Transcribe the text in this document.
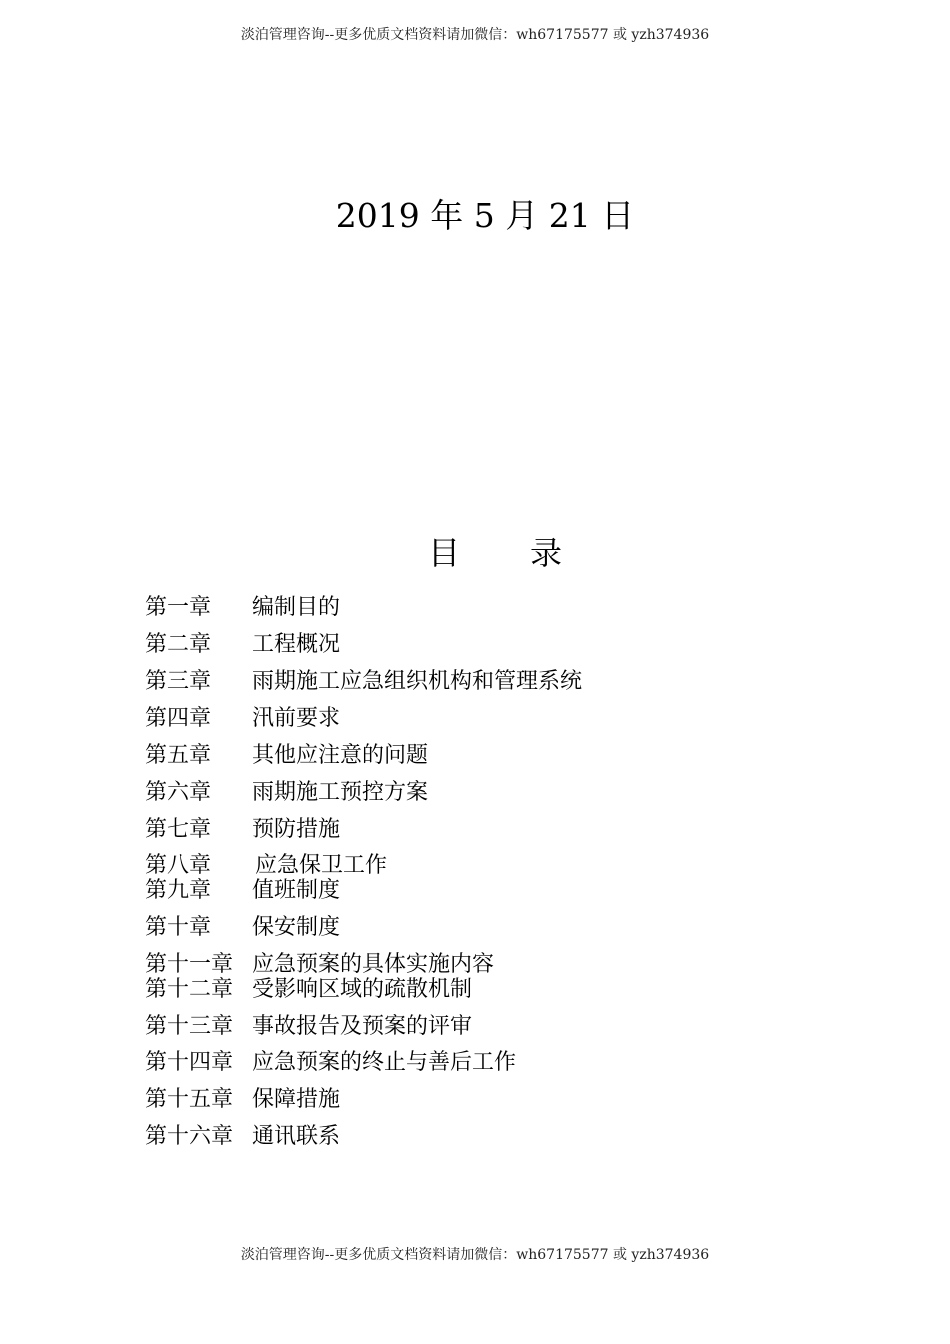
淡泊管理咨询--更多优质文档资料请加微信：wh67175577 或 yzh374936
2019 年 5 月 21 日
目 录
第一章 编制目的
第二章 工程概况
第三章 雨期施工应急组织机构和管理系统
第四章 汛前要求
第五章 其他应注意的问题
第六章 雨期施工预控方案
第七章 预防措施
第八章 应急保卫工作
第九章 值班制度
第十章 保安制度
第十一章 应急预案的具体实施内容
第十二章 受影响区域的疏散机制
第十三章 事故报告及预案的评审
第十四章 应急预案的终止与善后工作
第十五章 保障措施
第十六章 通讯联系
淡泊管理咨询--更多优质文档资料请加微信：wh67175577 或 yzh374936
